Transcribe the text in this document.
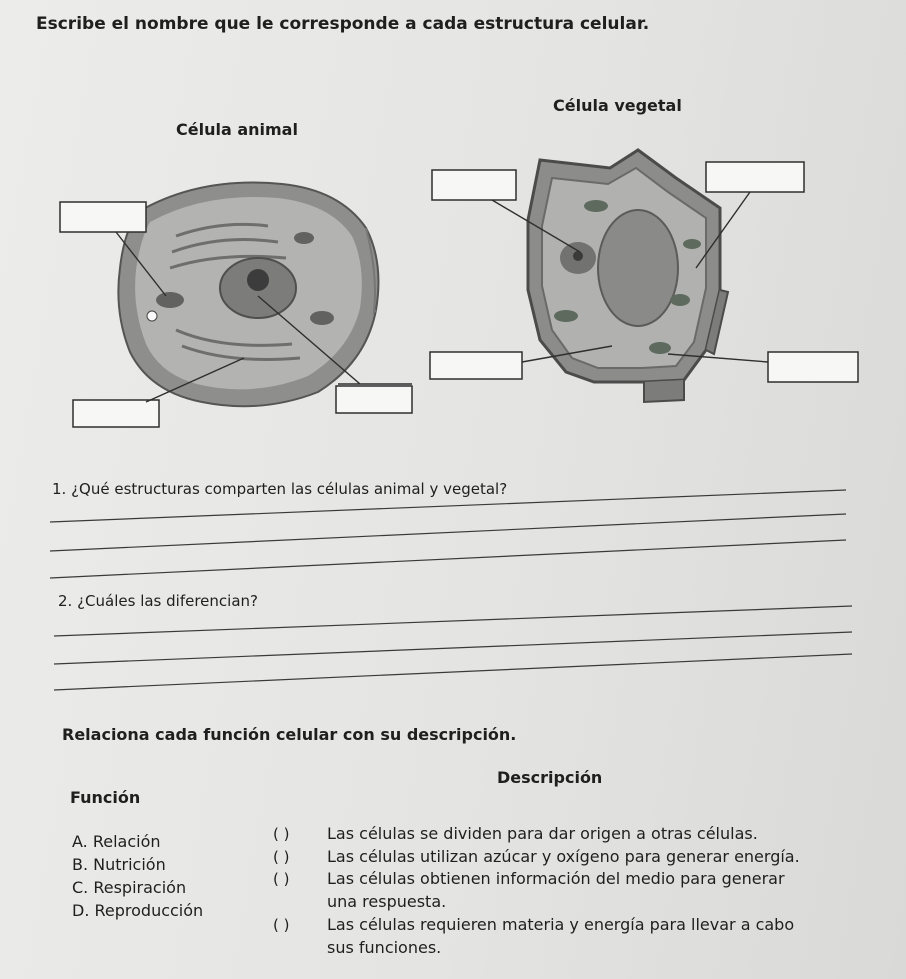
Escribe el nombre que le corresponde a cada estructura celular.
Célula animal
Célula vegetal
1. ¿Qué estructuras comparten las células animal y vegetal?
2. ¿Cuáles las diferencian?
Relaciona cada función celular con su descripción.
Descripción
Función
A. Relación
B. Nutrición
C. Respiración
D. Reproducción
( )
( )
( )
( )
Las células se dividen para dar origen a otras células.
Las células utilizan azúcar y oxígeno para generar energía.
Las células obtienen información del medio para generar
una respuesta.
Las células requieren materia y energía para llevar a cabo
sus funciones.
